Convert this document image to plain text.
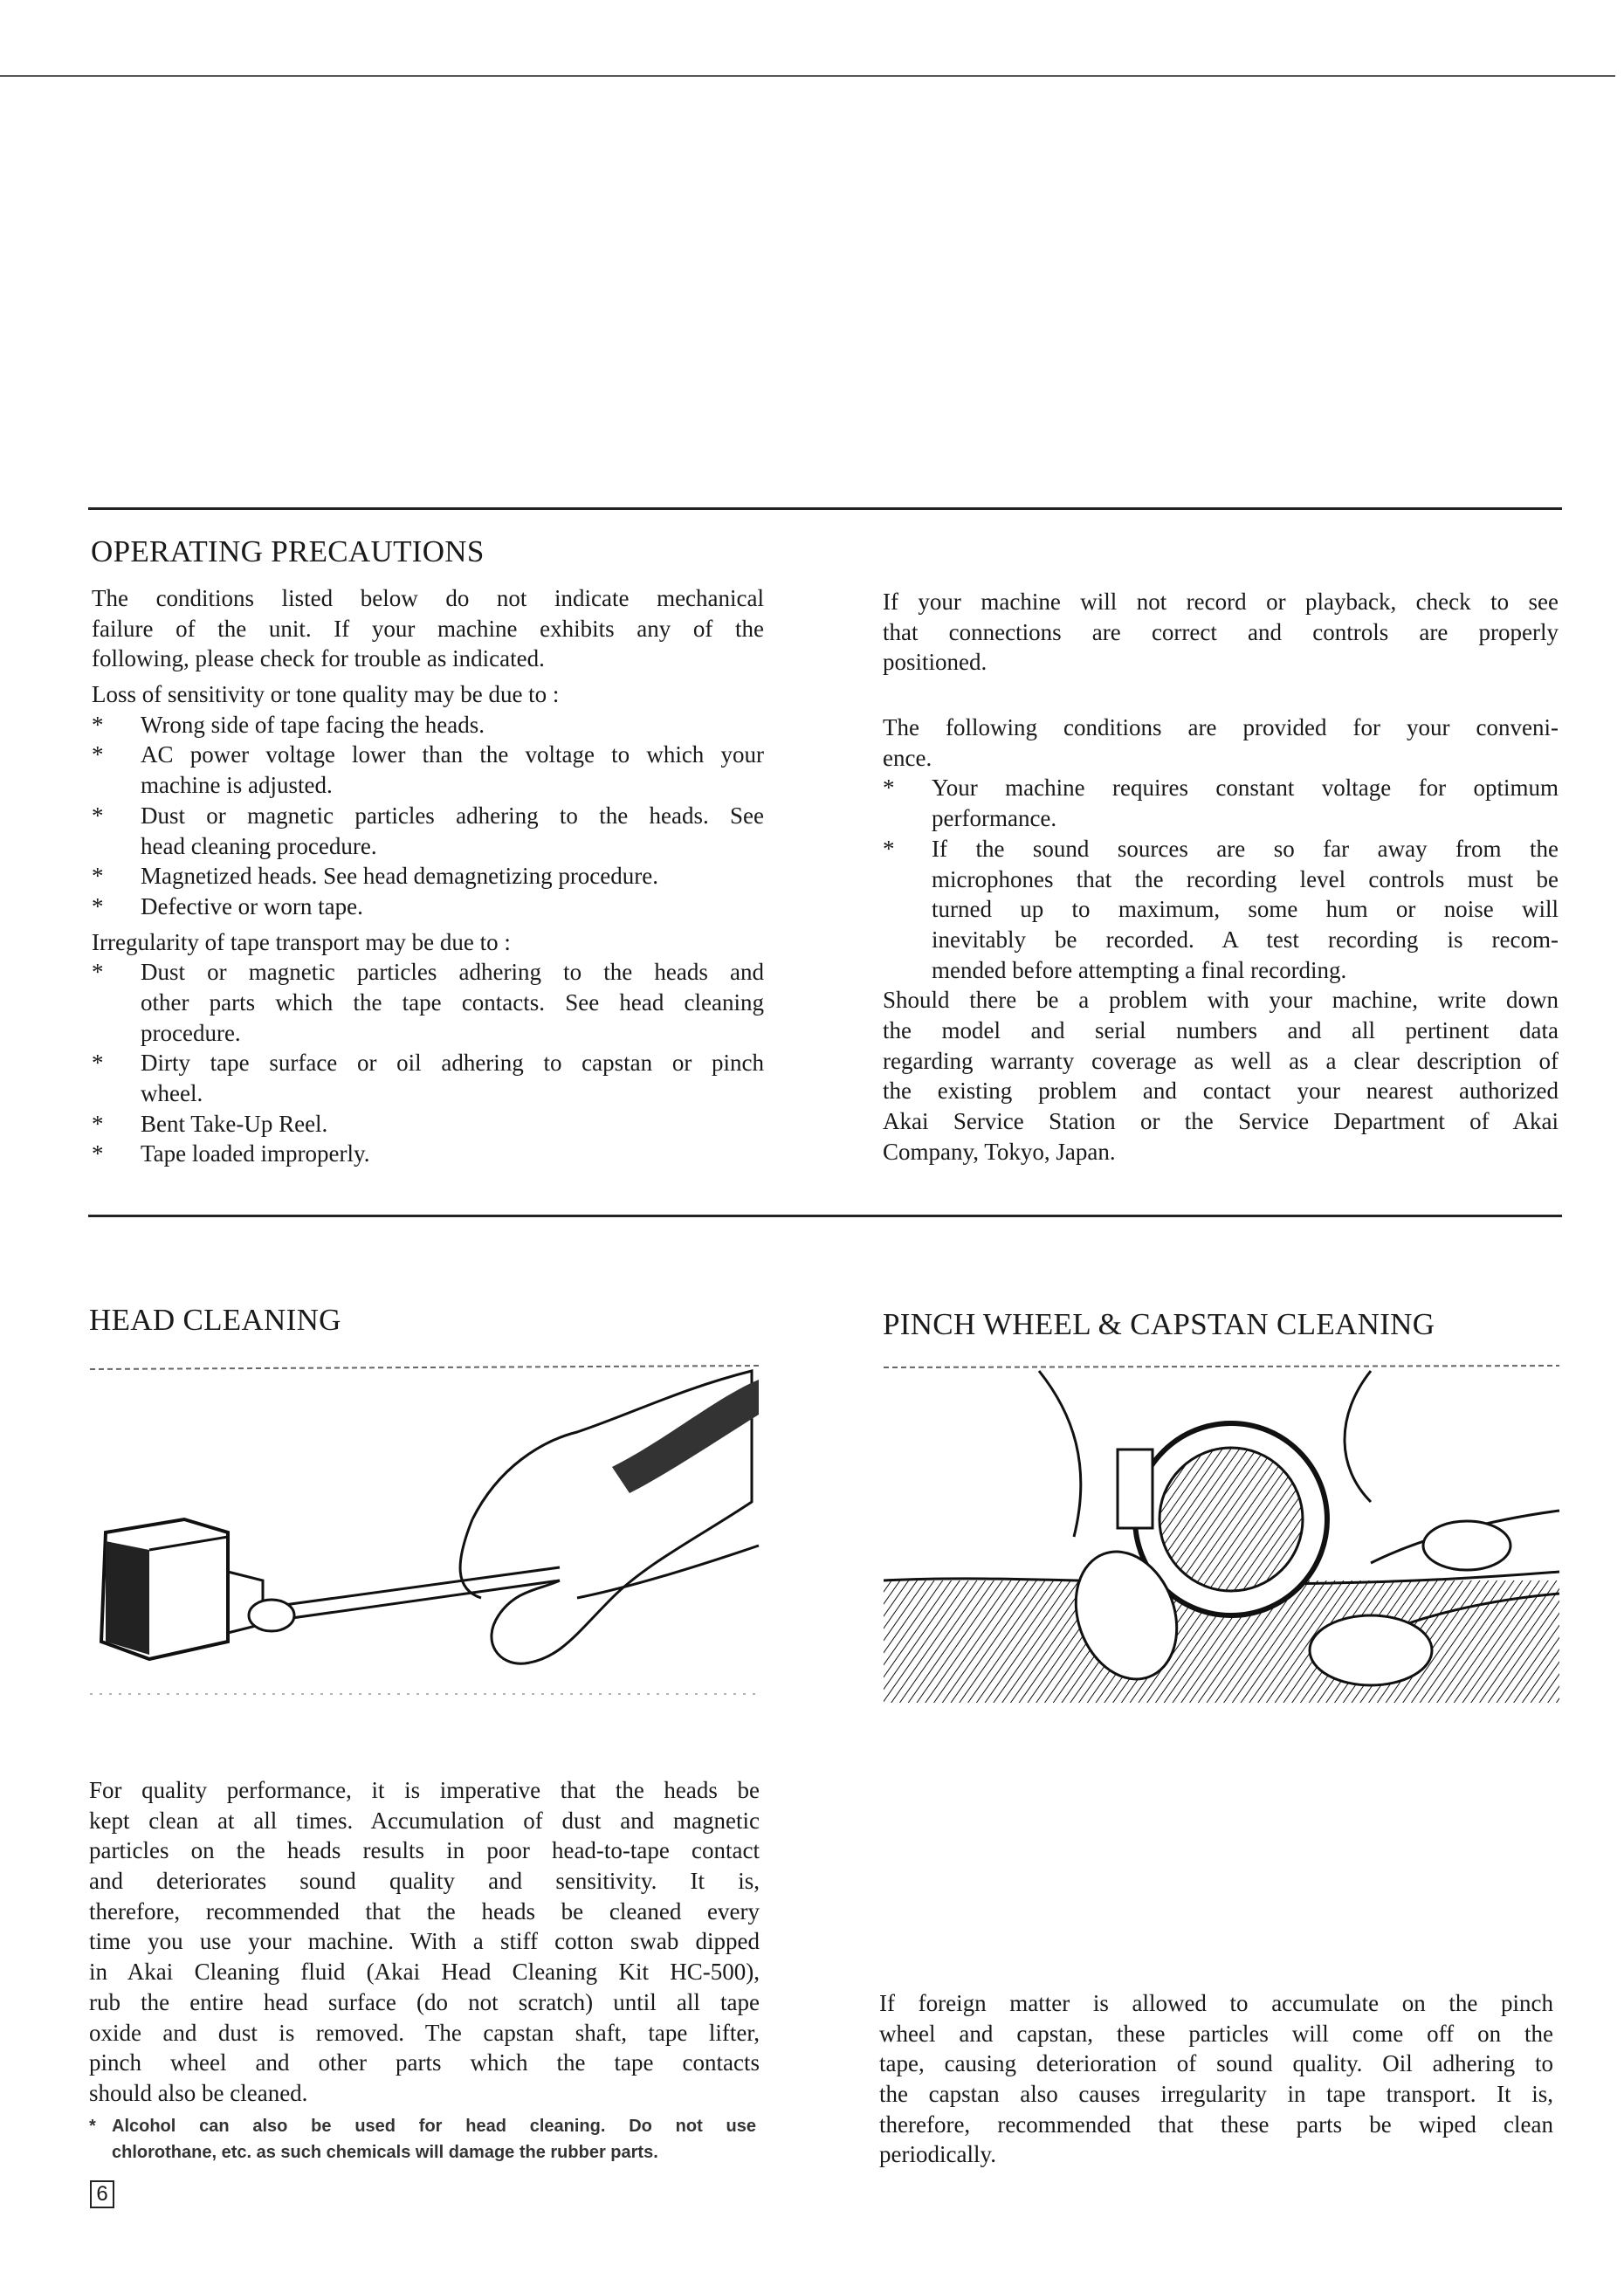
OPERATING PRECAUTIONS
The conditions listed below do not indicate mechanical
failure of the unit. If your machine exhibits any of the
following, please check for trouble as indicated.
Loss of sensitivity or tone quality may be due to :
* Wrong side of tape facing the heads.
* AC power voltage lower than the voltage to which your
machine is adjusted.
* Dust or magnetic particles adhering to the heads. See
head cleaning procedure.
* Magnetized heads. See head demagnetizing procedure.
* Defective or worn tape.
Irregularity of tape transport may be due to :
* Dust or magnetic particles adhering to the heads and
other parts which the tape contacts. See head cleaning
procedure.
* Dirty tape surface or oil adhering to capstan or pinch
wheel.
* Bent Take-Up Reel.
* Tape loaded improperly.
If your machine will not record or playback, check to see
that connections are correct and controls are properly
positioned.
The following conditions are provided for your conveni-
ence.
* Your machine requires constant voltage for optimum
performance.
* If the sound sources are so far away from the
microphones that the recording level controls must be
turned up to maximum, some hum or noise will
inevitably be recorded. A test recording is recom-
mended before attempting a final recording.
Should there be a problem with your machine, write down
the model and serial numbers and all pertinent data
regarding warranty coverage as well as a clear description of
the existing problem and contact your nearest authorized
Akai Service Station or the Service Department of Akai
Company, Tokyo, Japan.
HEAD CLEANING	PINCH WHEEL & CAPSTAN CLEANING
For quality performance, it is imperative that the heads be
kept clean at all times. Accumulation of dust and magnetic
particles on the heads results in poor head-to-tape contact
and deteriorates sound quality and sensitivity. It is,
therefore, recommended that the heads be cleaned every
time you use your machine. With a stiff cotton swab dipped
in Akai Cleaning fluid (Akai Head Cleaning Kit HC-500),
rub the entire head surface (do not scratch) until all tape
oxide and dust is removed. The capstan shaft, tape lifter,
pinch wheel and other parts which the tape contacts
should also be cleaned.
* Alcohol can also be used for head cleaning. Do not use
chlorothane, etc. as such chemicals will damage the rubber parts.
If foreign matter is allowed to accumulate on the pinch
wheel and capstan, these particles will come off on the
tape, causing deterioration of sound quality. Oil adhering to
the capstan also causes irregularity in tape transport. It is,
therefore, recommended that these parts be wiped clean
periodically.
6
